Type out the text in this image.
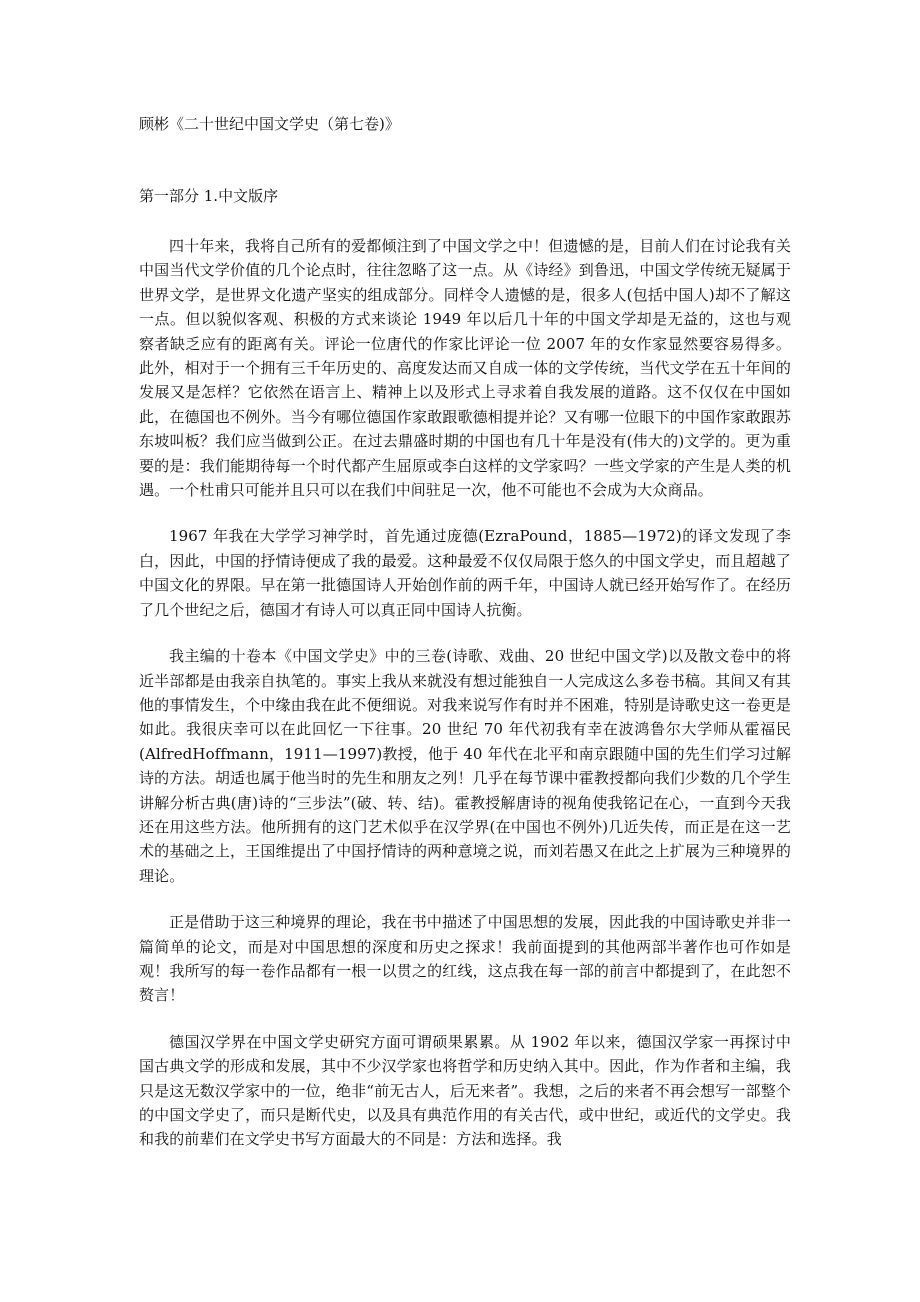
顾彬《二十世纪中国文学史（第七卷)》
第一部分 1.中文版序

四十年来，我将自己所有的爱都倾注到了中国文学之中！但遗憾的是，目前人们在讨论我有关中国当代文学价值的几个论点时，往往忽略了这一点。从《诗经》到鲁迅，中国文学传统无疑属于世界文学，是世界文化遗产坚实的组成部分。同样令人遗憾的是，很多人(包括中国人)却不了解这一点。但以貌似客观、积极的方式来谈论 1949 年以后几十年的中国文学却是无益的，这也与观察者缺乏应有的距离有关。评论一位唐代的作家比评论一位 2007 年的女作家显然要容易得多。此外，相对于一个拥有三千年历史的、高度发达而又自成一体的文学传统，当代文学在五十年间的发展又是怎样？它依然在语言上、精神上以及形式上寻求着自我发展的道路。这不仅仅在中国如此，在德国也不例外。当今有哪位德国作家敢跟歌德相提并论？又有哪一位眼下的中国作家敢跟苏东坡叫板？我们应当做到公正。在过去鼎盛时期的中国也有几十年是没有(伟大的)文学的。更为重要的是：我们能期待每一个时代都产生屈原或李白这样的文学家吗？一些文学家的产生是人类的机遇。一个杜甫只可能并且只可以在我们中间驻足一次，他不可能也不会成为大众商品。

1967 年我在大学学习神学时，首先通过庞德(EzraPound，1885—1972)的译文发现了李白，因此，中国的抒情诗便成了我的最爱。这种最爱不仅仅局限于悠久的中国文学史，而且超越了中国文化的界限。早在第一批德国诗人开始创作前的两千年，中国诗人就已经开始写作了。在经历了几个世纪之后，德国才有诗人可以真正同中国诗人抗衡。

我主编的十卷本《中国文学史》中的三卷(诗歌、戏曲、20 世纪中国文学)以及散文卷中的将近半部都是由我亲自执笔的。事实上我从来就没有想过能独自一人完成这么多卷书稿。其间又有其他的事情发生，个中缘由我在此不便细说。对我来说写作有时并不困难，特别是诗歌史这一卷更是如此。我很庆幸可以在此回忆一下往事。20 世纪 70 年代初我有幸在波鸿鲁尔大学师从霍福民(AlfredHoffmann，1911—1997)教授，他于 40 年代在北平和南京跟随中国的先生们学习过解诗的方法。胡适也属于他当时的先生和朋友之列！几乎在每节课中霍教授都向我们少数的几个学生讲解分析古典(唐)诗的“三步法”(破、转、结)。霍教授解唐诗的视角使我铭记在心，一直到今天我还在用这些方法。他所拥有的这门艺术似乎在汉学界(在中国也不例外)几近失传，而正是在这一艺术的基础之上，王国维提出了中国抒情诗的两种意境之说，而刘若愚又在此之上扩展为三种境界的理论。

正是借助于这三种境界的理论，我在书中描述了中国思想的发展，因此我的中国诗歌史并非一篇简单的论文，而是对中国思想的深度和历史之探求！我前面提到的其他两部半著作也可作如是观！我所写的每一卷作品都有一根一以贯之的红线，这点我在每一部的前言中都提到了，在此恕不赘言！

德国汉学界在中国文学史研究方面可谓硕果累累。从 1902 年以来，德国汉学家一再探讨中国古典文学的形成和发展，其中不少汉学家也将哲学和历史纳入其中。因此，作为作者和主编，我只是这无数汉学家中的一位，绝非“前无古人，后无来者”。我想，之后的来者不再会想写一部整个的中国文学史了，而只是断代史，以及具有典范作用的有关古代，或中世纪，或近代的文学史。我和我的前辈们在文学史书写方面最大的不同是：方法和选择。我
